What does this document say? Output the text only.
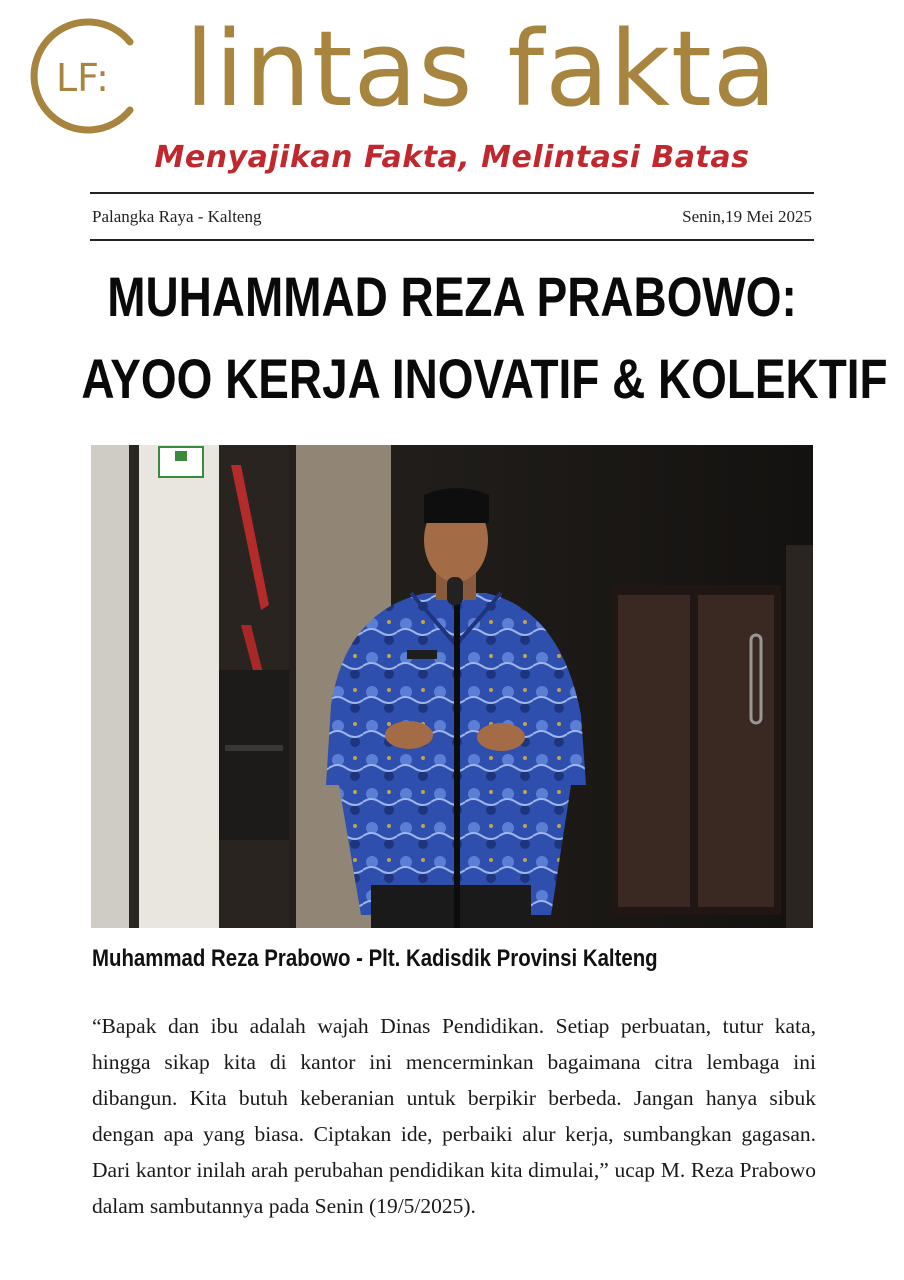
LF: lintas fakta
Menyajikan Fakta, Melintasi Batas
Palangka Raya - Kalteng	Senin,19 Mei 2025
MUHAMMAD REZA PRABOWO:
AYOO KERJA INOVATIF & KOLEKTIF
Muhammad Reza Prabowo - Plt. Kadisdik Provinsi Kalteng

“Bapak dan ibu adalah wajah Dinas Pendidikan. Setiap perbuatan, tutur kata, hingga sikap kita di kantor ini mencerminkan bagaimana citra lembaga ini dibangun. Kita butuh keberanian untuk berpikir berbeda. Jangan hanya sibuk dengan apa yang biasa. Ciptakan ide, perbaiki alur kerja, sumbangkan gagasan. Dari kantor inilah arah perubahan pendidikan kita dimulai,” ucap M. Reza Prabowo dalam sambutannya pada Senin (19/5/2025).
